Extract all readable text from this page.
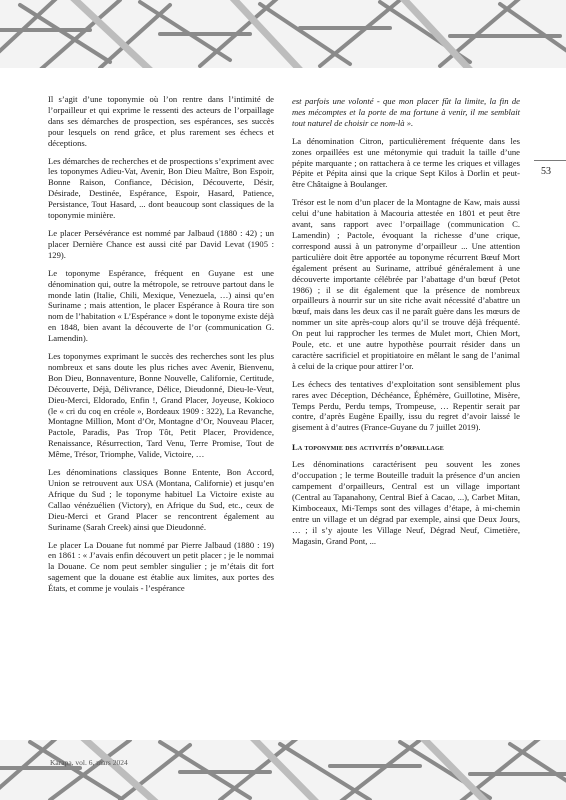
53

Il s’agit d’une toponymie où l’on rentre dans l’intimité de l’orpailleur et qui exprime le ressenti des acteurs de l’orpaillage dans ses démarches de prospection, ses espérances, ses succès pour lesquels on rend grâce, et plus rarement ses échecs et déceptions.

Les démarches de recherches et de prospections s’expriment avec les toponymes Adieu-Vat, Avenir, Bon Dieu Maître, Bon Espoir, Bonne Raison, Confiance, Décision, Découverte, Désir, Désirade, Destinée, Espérance, Espoir, Hasard, Patience, Persistance, Tout Hasard, ... dont beaucoup sont classiques de la toponymie minière.

Le placer Persévérance est nommé par Jalbaud (1880 : 42) ; un placer Dernière Chance est aussi cité par David Levat (1905 : 129).

Le toponyme Espérance, fréquent en Guyane est une dénomination qui, outre la métropole, se retrouve partout dans le monde latin (Italie, Chili, Mexique, Venezuela, …) ainsi qu’en Suriname ; mais attention, le placer Espérance à Roura tire son nom de l’habitation « L’Espérance » dont le toponyme existe déjà en 1848, bien avant la découverte de l’or (communication G. Lamendin).

Les toponymes exprimant le succès des recherches sont les plus nombreux et sans doute les plus riches avec Avenir, Bienvenu, Bon Dieu, Bonnaventure, Bonne Nouvelle, Californie, Certitude, Découverte, Déjà, Délivrance, Délice, Dieudonné, Dieu-le-Veut, Dieu-Merci, Eldorado, Enfin !, Grand Placer, Joyeuse, Kokioco (le « cri du coq en créole », Bordeaux 1909 : 322), La Revanche, Montagne Million, Mont d’Or, Montagne d’Or, Nouveau Placer, Pactole, Paradis, Pas Trop Tôt, Petit Placer, Providence, Renaissance, Résurrection, Tard Venu, Terre Promise, Tout de Même, Trésor, Triomphe, Valide, Victoire, …

Les dénominations classiques Bonne Entente, Bon Accord, Union se retrouvent aux USA (Montana, Californie) et jusqu’en Afrique du Sud ; le toponyme habituel La Victoire existe au Callao vénézuélien (Victory), en Afrique du Sud, etc., ceux de Dieu-Merci et Grand Placer se rencontrent également au Suriname (Sarah Creek) ainsi que Dieudonné.

Le placer La Douane fut nommé par Pierre Jalbaud (1880 : 19) en 1861 : « J’avais enfin découvert un petit placer ; je le nommai la Douane. Ce nom peut sembler singulier ; je m’étais dit fort sagement que la douane est établie aux limites, aux portes des États, et comme je voulais - l’espérance

est parfois une volonté - que mon placer fût la limite, la fin de mes mécomptes et la porte de ma fortune à venir, il me semblait tout naturel de choisir ce nom-là ».

La dénomination Citron, particulièrement fréquente dans les zones orpaillées est une métonymie qui traduit la taille d’une pépite marquante ; on rattachera à ce terme les criques et villages Pépite et Pépita ainsi que la crique Sept Kilos à Dorlin et peut-être Châtaigne à Boulanger.

Trésor est le nom d’un placer de la Montagne de Kaw, mais aussi celui d’une habitation à Macouria attestée en 1801 et peut être avant, sans rapport avec l’orpaillage (communication C. Lamendin) ; Pactole, évoquant la richesse d’une crique, correspond aussi à un patronyme d’orpailleur ... Une attention particulière doit être apportée au toponyme récurrent Bœuf Mort également présent au Suriname, attribué généralement à une découverte importante célébrée par l’abattage d’un bœuf (Petot 1986) ; il se dit également que la présence de nombreux orpailleurs à nourrir sur un site riche avait nécessité d’abattre un bœuf, mais dans les deux cas il ne paraît guère dans les mœurs de nommer un site après-coup alors qu’il se trouve déjà fréquenté. On peut lui rapprocher les termes de Mulet mort, Chien Mort, Poule, etc. et une autre hypothèse pourrait résider dans un caractère sacrificiel et propitiatoire en mêlant le sang de l’animal à celui de la crique pour attirer l’or.

Les échecs des tentatives d’exploitation sont sensiblement plus rares avec Déception, Déchéance, Éphémère, Guillotine, Misère, Temps Perdu, Perdu temps, Trompeuse, … Repentir serait par contre, d’après Eugène Epailly, issu du regret d’avoir laissé le gisement à d’autres (France-Guyane du 7 juillet 2019).

La toponymie des activités d’orpaillage

Les dénominations caractérisent peu souvent les zones d’occupation ; le terme Bouteille traduit la présence d’un ancien campement d’orpailleurs, Central est un village important (Central au Tapanahony, Central Bief à Cacao, ...), Carbet Mitan, Kimboceaux, Mi-Temps sont des villages d’étape, à mi-chemin entre un village et un dégrad par exemple, ainsi que Deux Jours, … ; il s’y ajoute les Village Neuf, Dégrad Neuf, Cimetière, Magasin, Grand Pont, ...

Karapa, vol. 6, mars 2024
